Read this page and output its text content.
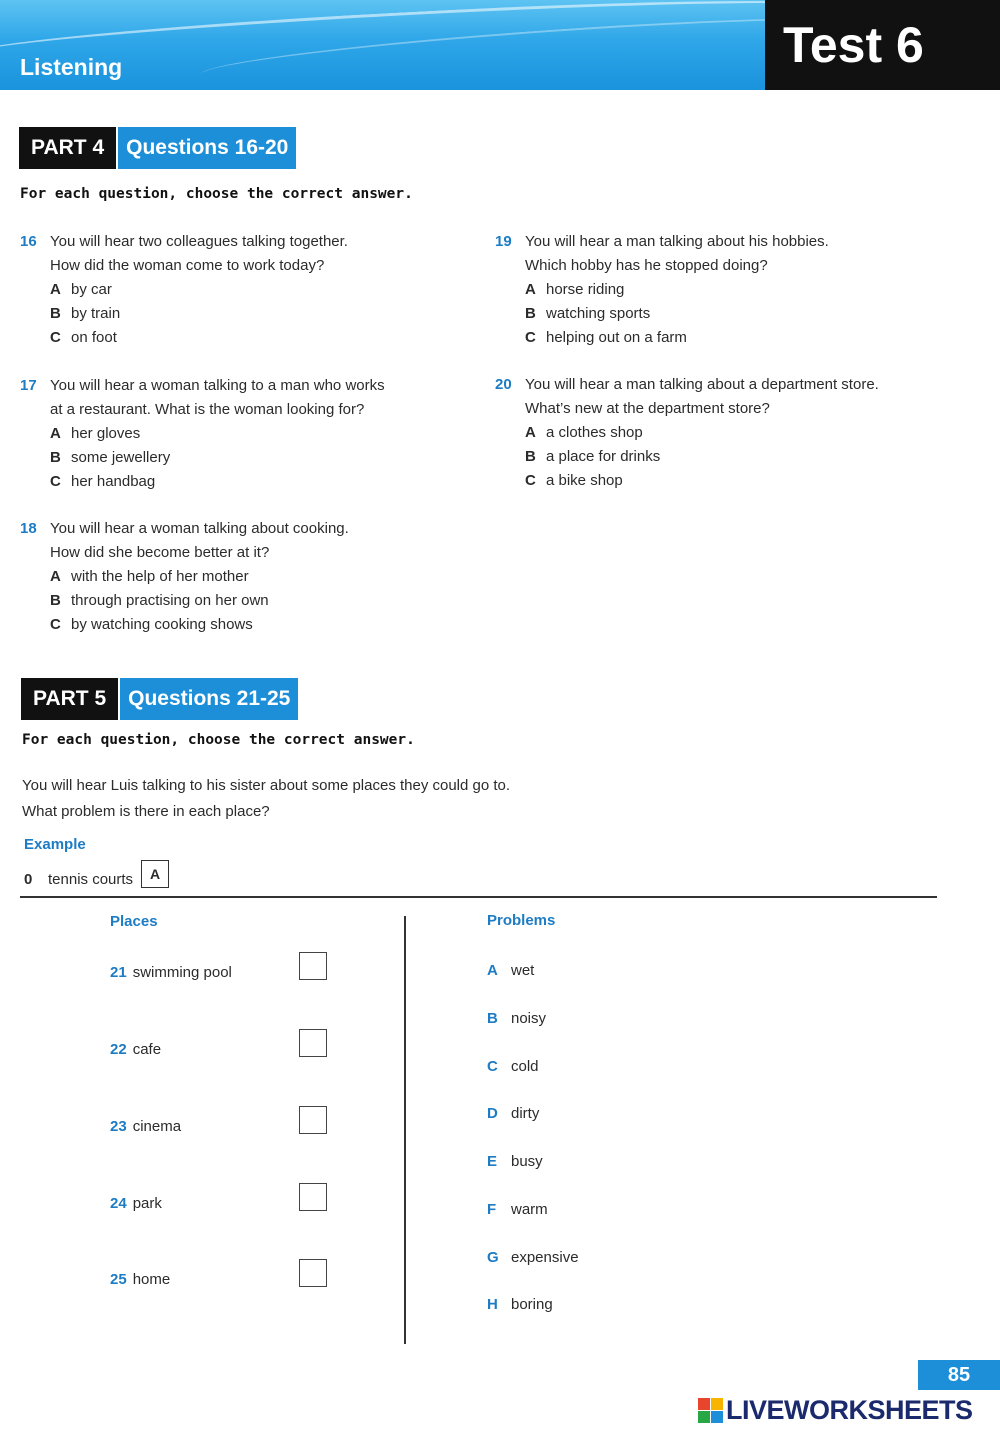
Listening	Test 6
PART 4	Questions 16-20
For each question, choose the correct answer.
16 You will hear two colleagues talking together.
How did the woman come to work today?
A by car
B by train
C on foot
17 You will hear a woman talking to a man who works
at a restaurant. What is the woman looking for?
A her gloves
B some jewellery
C her handbag
18 You will hear a woman talking about cooking.
How did she become better at it?
A with the help of her mother
B through practising on her own
C by watching cooking shows
19 You will hear a man talking about his hobbies.
Which hobby has he stopped doing?
A horse riding
B watching sports
C helping out on a farm
20 You will hear a man talking about a department store.
What’s new at the department store?
A a clothes shop
B a place for drinks
C a bike shop
PART 5	Questions 21-25
For each question, choose the correct answer.
You will hear Luis talking to his sister about some places they could go to.
What problem is there in each place?
Example
0	tennis courts	A
Places	Problems
21 swimming pool
22 cafe
23 cinema
24 park
25 home
A wet
B noisy
C cold
D dirty
E busy
F warm
G expensive
H boring
85
LIVEWORKSHEETS
